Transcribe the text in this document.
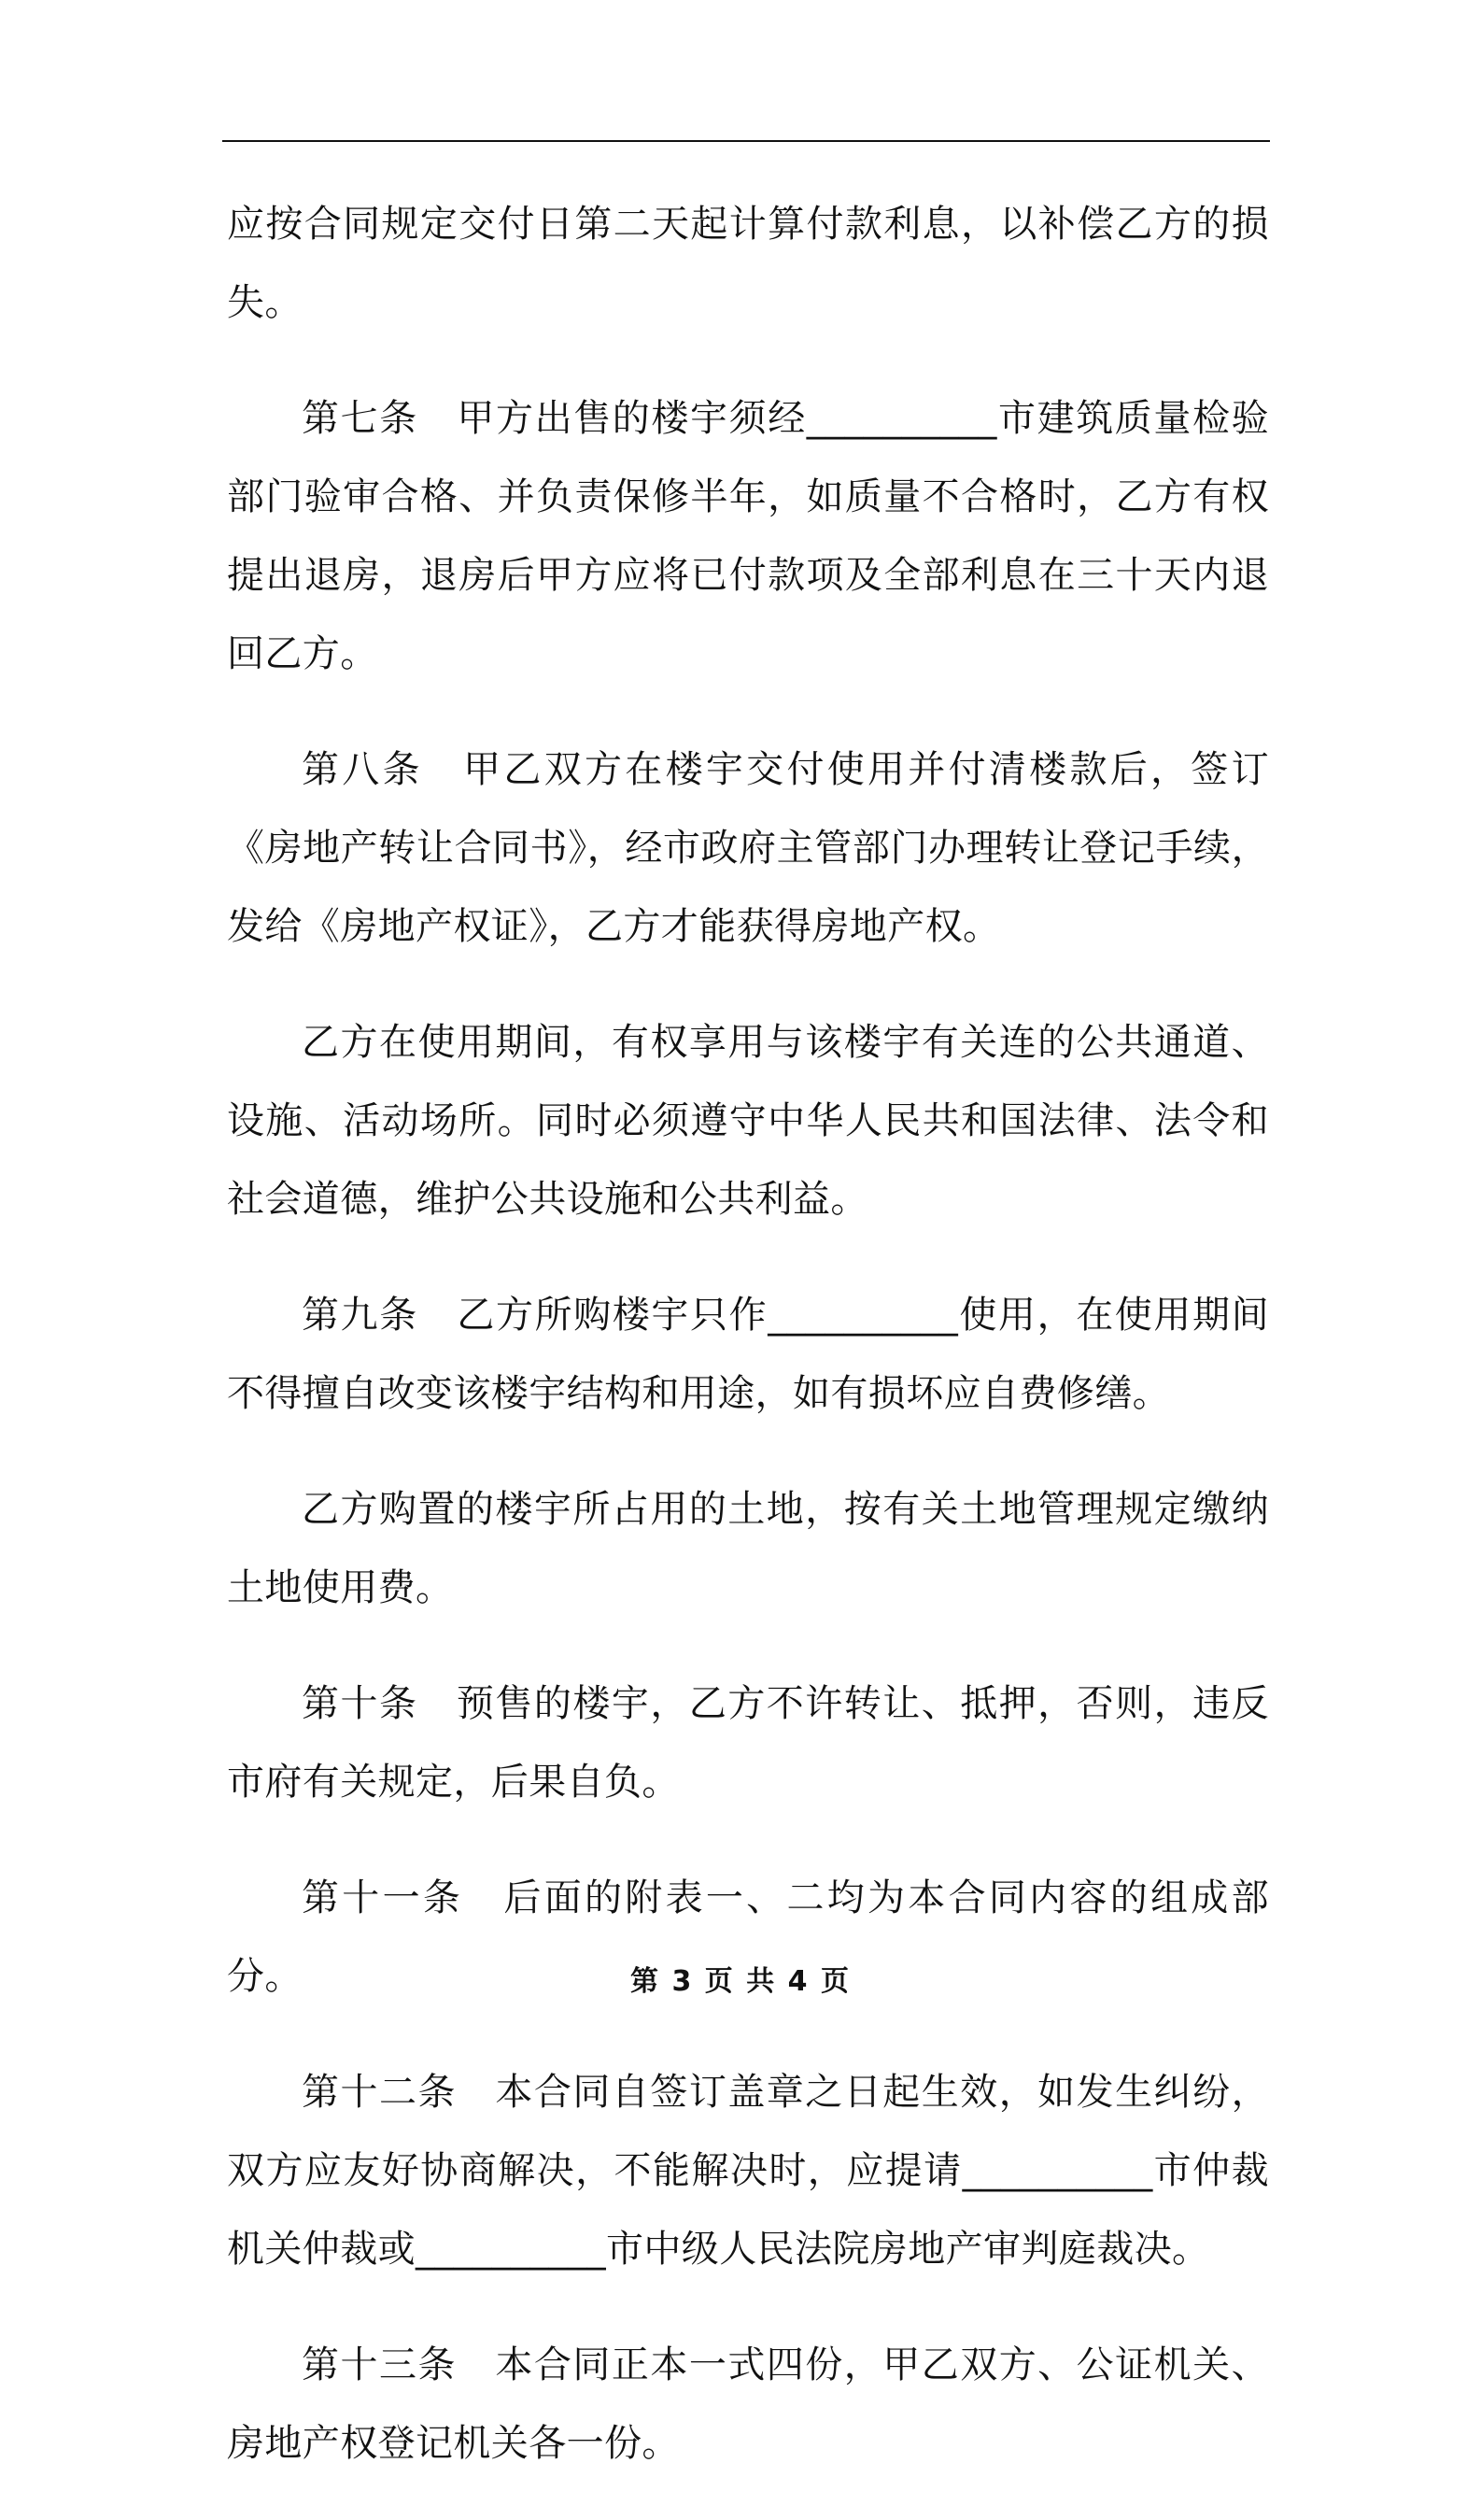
应按合同规定交付日第二天起计算付款利息，以补偿乙方的损失。

第七条　甲方出售的楼宇须经__________市建筑质量检验部门验审合格、并负责保修半年，如质量不合格时，乙方有权提出退房，退房后甲方应将已付款项及全部利息在三十天内退回乙方。

第八条　甲乙双方在楼宇交付使用并付清楼款后，签订《房地产转让合同书》，经市政府主管部门办理转让登记手续，发给《房地产权证》，乙方才能获得房地产权。

乙方在使用期间，有权享用与该楼宇有关连的公共通道、设施、活动场所。同时必须遵守中华人民共和国法律、法令和社会道德，维护公共设施和公共利益。

第九条　乙方所购楼宇只作__________使用，在使用期间不得擅自改变该楼宇结构和用途，如有损坏应自费修缮。

乙方购置的楼宇所占用的土地，按有关土地管理规定缴纳土地使用费。

第十条　预售的楼宇，乙方不许转让、抵押，否则，违反市府有关规定，后果自负。

第十一条　后面的附表一、二均为本合同内容的组成部分。

第十二条　本合同自签订盖章之日起生效，如发生纠纷，双方应友好协商解决，不能解决时，应提请__________市仲裁机关仲裁或__________市中级人民法院房地产审判庭裁决。

第十三条　本合同正本一式四份，甲乙双方、公证机关、房地产权登记机关各一份。

第 3 页 共 4 页
